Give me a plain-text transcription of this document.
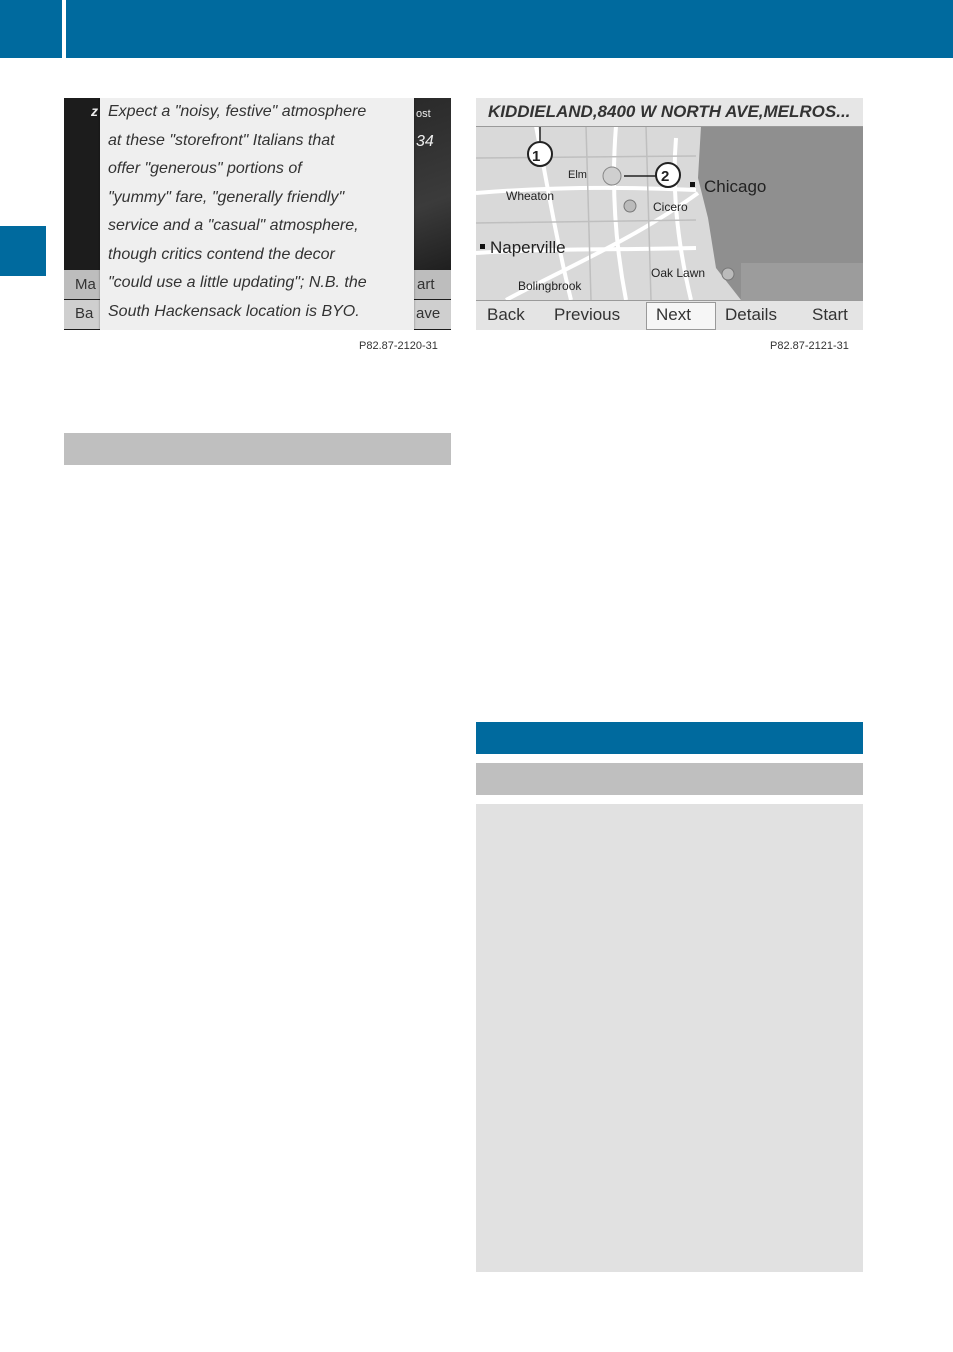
z	ost
34
Ma	art
Ba	ave
Expect a "noisy, festive" atmosphere
at these "storefront" Italians that
offer "generous" portions of
"yummy" fare, "generally friendly"
service and a "casual" atmosphere,
though critics contend the decor
"could use a little updating"; N.B. the
South Hackensack location is BYO.
P82.87-2120-31
KIDDIELAND,8400 W NORTH AVE,MELROS...
1
2
Elm
Chicago
Wheaton
Cicero
Naperville
Oak Lawn
Bolingbrook
Back Previous Next Details Start
P82.87-2121-31
